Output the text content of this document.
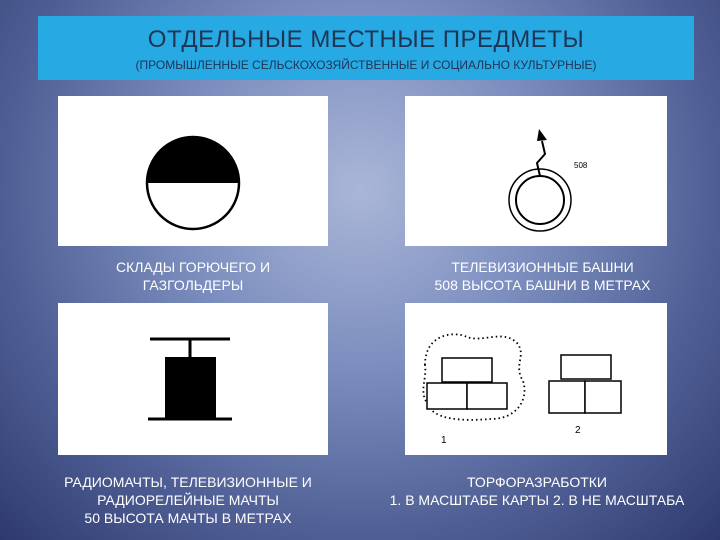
ОТДЕЛЬНЫЕ МЕСТНЫЕ ПРЕДМЕТЫ
(ПРОМЫШЛЕННЫЕ СЕЛЬСКОХОЗЯЙСТВЕННЫЕ И СОЦИАЛЬНО КУЛЬТУРНЫЕ)
СКЛАДЫ ГОРЮЧЕГО И
ГАЗГОЛЬДЕРЫ
508
ТЕЛЕВИЗИОННЫЕ БАШНИ
508 ВЫСОТА БАШНИ В МЕТРАХ
РАДИОМАЧТЫ, ТЕЛЕВИЗИОННЫЕ И
РАДИОРЕЛЕЙНЫЕ МАЧТЫ
50 ВЫСОТА МАЧТЫ В МЕТРАХ
1
2
ТОРФОРАЗРАБОТКИ
1. В МАСШТАБЕ КАРТЫ 2. В НЕ МАСШТАБА
